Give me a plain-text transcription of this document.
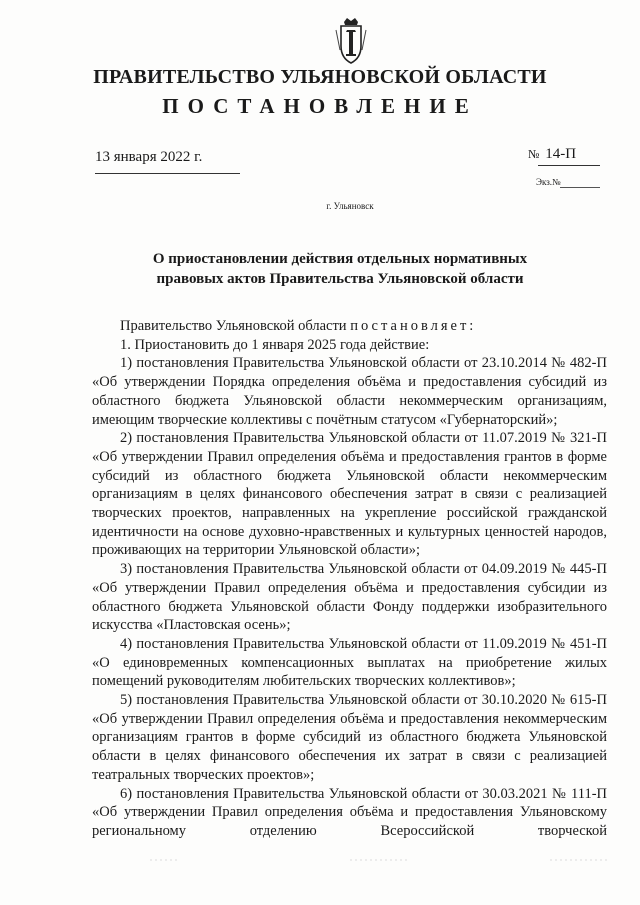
ПРАВИТЕЛЬСТВО УЛЬЯНОВСКОЙ ОБЛАСТИ
ПОСТАНОВЛЕНИЕ
13 января 2022 г.	№ 14-П
Экз.№
г. Ульяновск
О приостановлении действия отдельных нормативных
правовых актов Правительства Ульяновской области

Правительство Ульяновской области постановляет:

1. Приостановить до 1 января 2025 года действие:

1) постановления Правительства Ульяновской области от 23.10.2014 № 482-П «Об утверждении Порядка определения объёма и предоставления субсидий из областного бюджета Ульяновской области некоммерческим организациям, имеющим творческие коллективы с почётным статусом «Губернаторский»;

2) постановления Правительства Ульяновской области от 11.07.2019 № 321-П «Об утверждении Правил определения объёма и предоставления грантов в форме субсидий из областного бюджета Ульяновской области некоммерческим организациям в целях финансового обеспечения затрат в связи с реализацией творческих проектов, направленных на укрепление российской гражданской идентичности на основе духовно-нравственных и культурных ценностей народов, проживающих на территории Ульяновской области»;

3) постановления Правительства Ульяновской области от 04.09.2019 № 445-П «Об утверждении Правил определения объёма и предоставления субсидии из областного бюджета Ульяновской области Фонду поддержки изобразительного искусства «Пластовская осень»;

4) постановления Правительства Ульяновской области от 11.09.2019 № 451-П «О единовременных компенсационных выплатах на приобретение жилых помещений руководителям любительских творческих коллективов»;

5) постановления Правительства Ульяновской области от 30.10.2020 № 615-П «Об утверждении Правил определения объёма и предоставления некоммерческим организациям грантов в форме субсидий из областного бюджета Ульяновской области в целях финансового обеспечения их затрат в связи с реализацией театральных творческих проектов»;

6) постановления Правительства Ульяновской области от 30.03.2021 № 111-П «Об утверждении Правил определения объёма и предоставления Ульяновскому региональному отделению Всероссийской творческой
